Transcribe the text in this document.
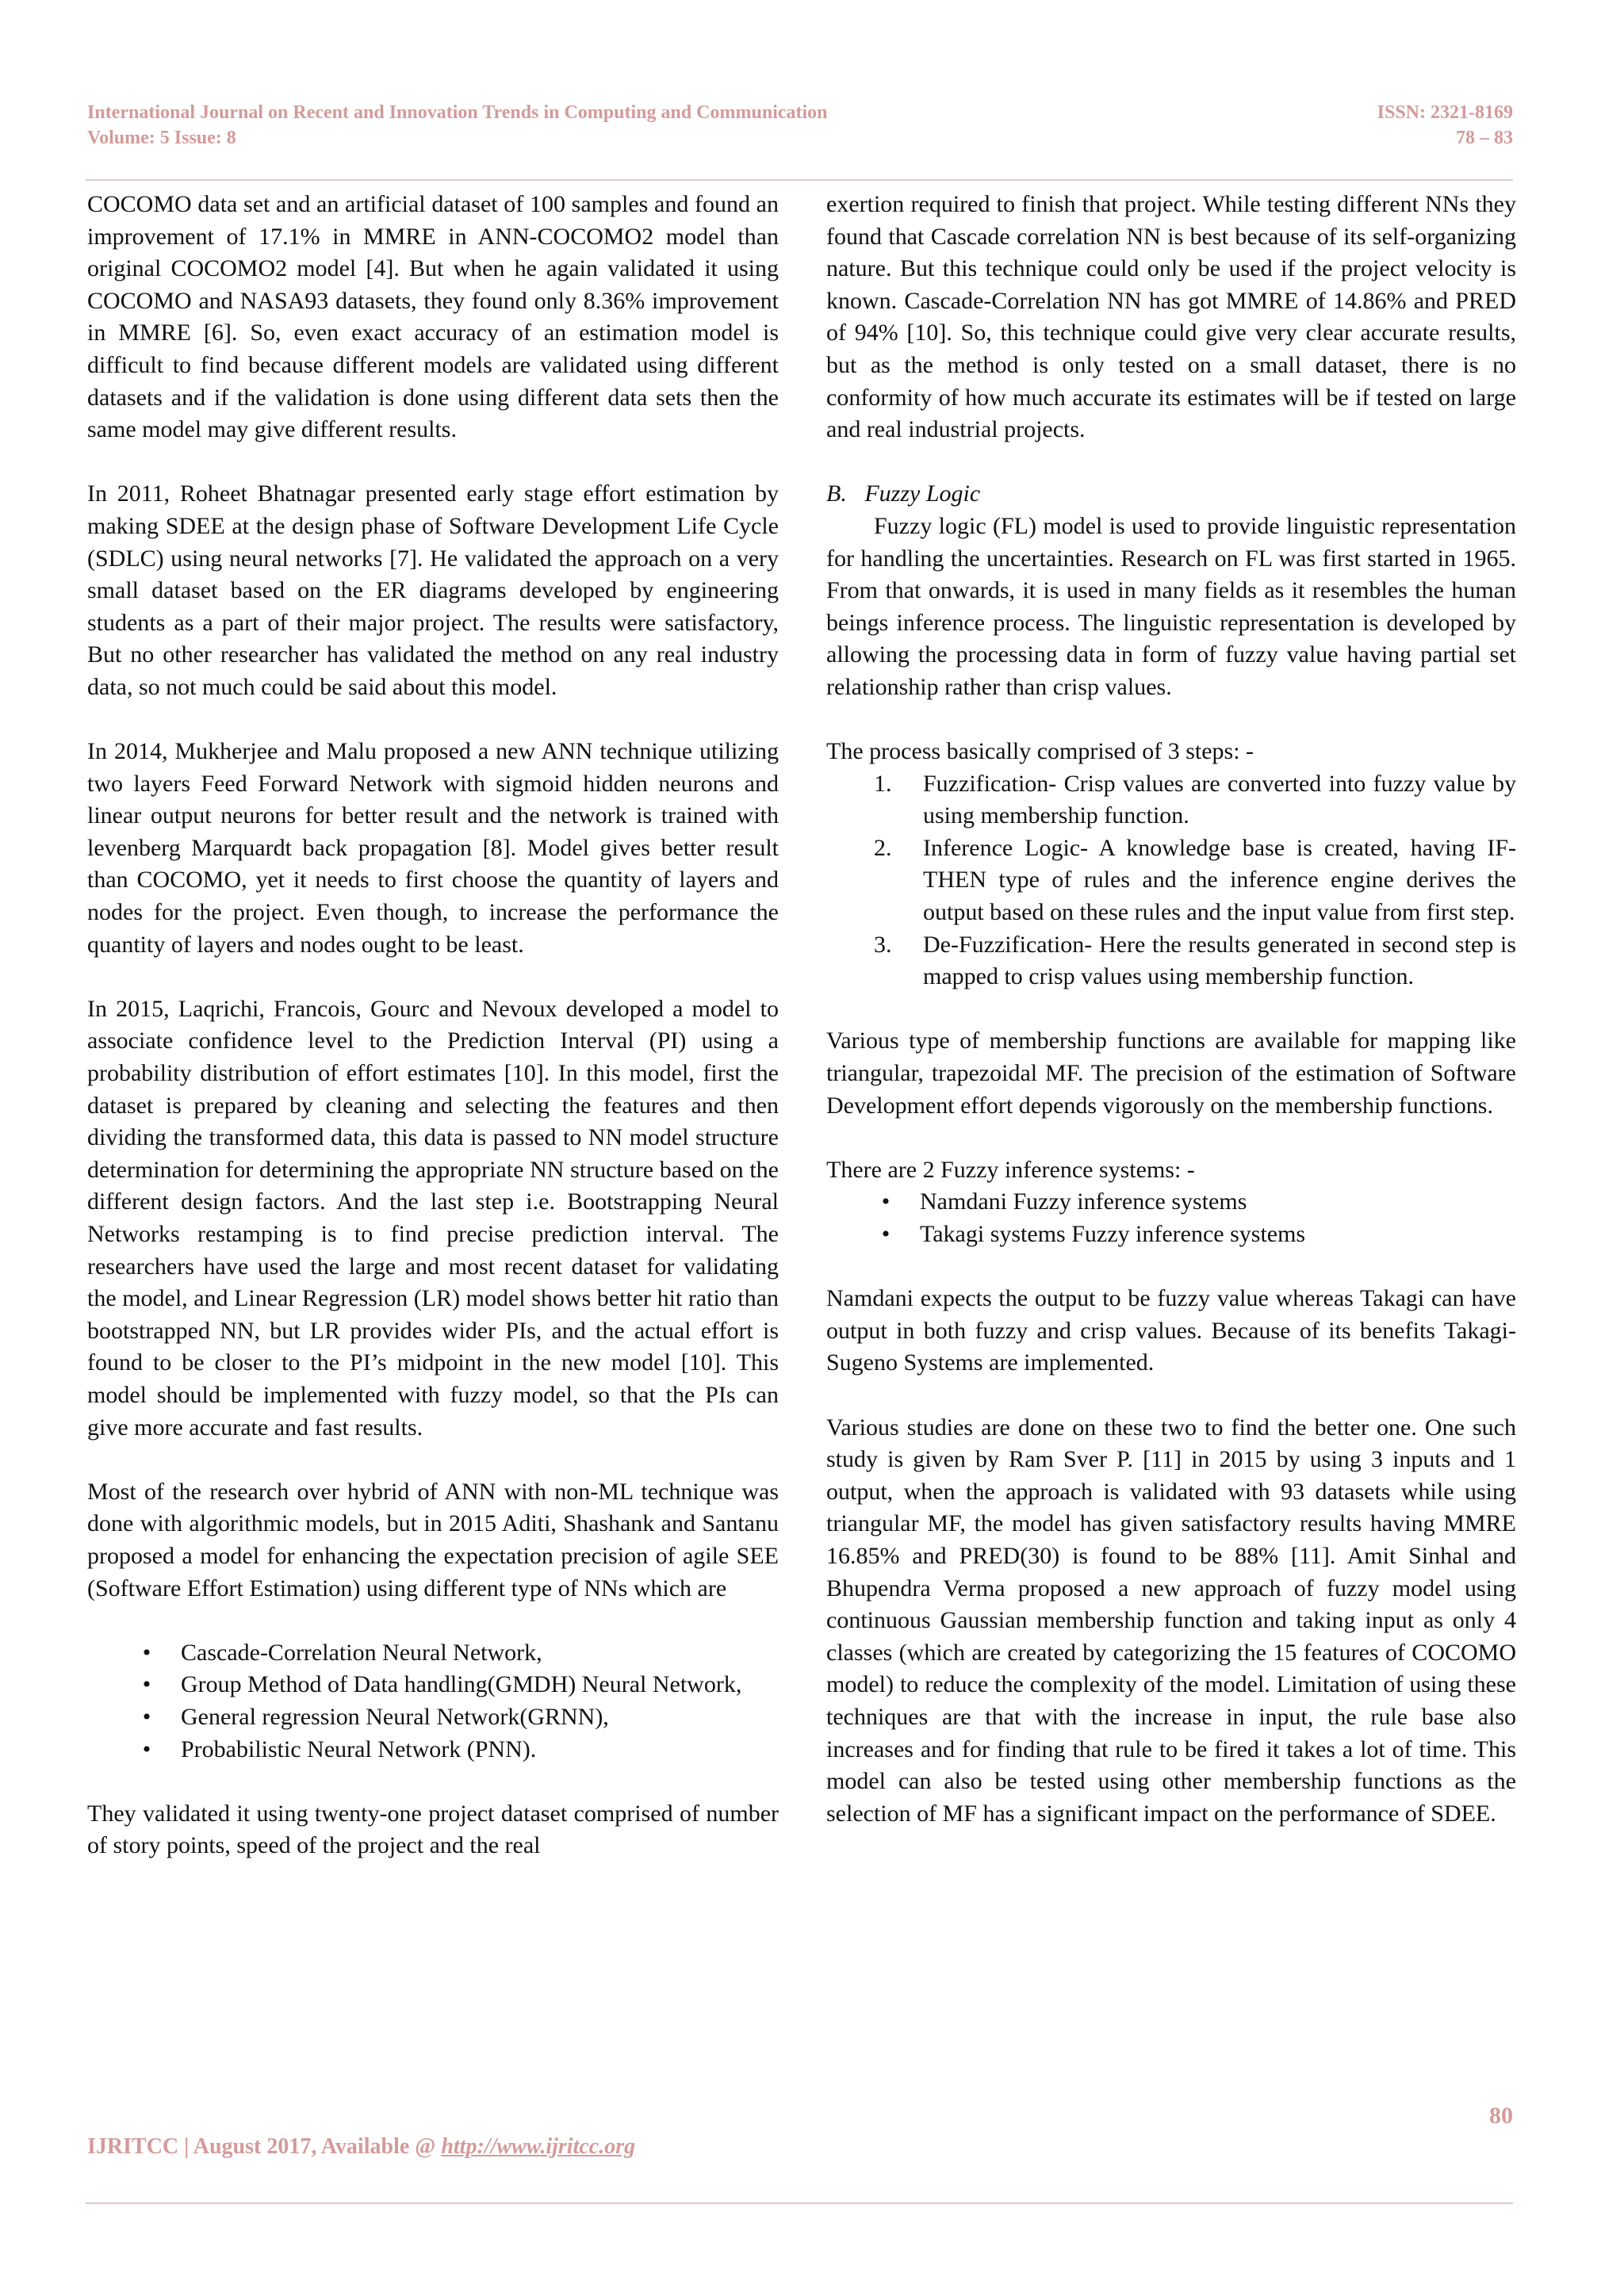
International Journal on Recent and Innovation Trends in Computing and Communication
Volume: 5 Issue: 8
ISSN: 2321-8169
78 – 83

COCOMO data set and an artificial dataset of 100 samples and found an improvement of 17.1% in MMRE in ANN-COCOMO2 model than original COCOMO2 model [4]. But when he again validated it using COCOMO and NASA93 datasets, they found only 8.36% improvement in MMRE [6]. So, even exact accuracy of an estimation model is difficult to find because different models are validated using different datasets and if the validation is done using different data sets then the same model may give different results.

In 2011, Roheet Bhatnagar presented early stage effort estimation by making SDEE at the design phase of Software Development Life Cycle (SDLC) using neural networks [7]. He validated the approach on a very small dataset based on the ER diagrams developed by engineering students as a part of their major project. The results were satisfactory, But no other researcher has validated the method on any real industry data, so not much could be said about this model.

In 2014, Mukherjee and Malu proposed a new ANN technique utilizing two layers Feed Forward Network with sigmoid hidden neurons and linear output neurons for better result and the network is trained with levenberg Marquardt back propagation [8]. Model gives better result than COCOMO, yet it needs to first choose the quantity of layers and nodes for the project. Even though, to increase the performance the quantity of layers and nodes ought to be least.

In 2015, Laqrichi, Francois, Gourc and Nevoux developed a model to associate confidence level to the Prediction Interval (PI) using a probability distribution of effort estimates [10]. In this model, first the dataset is prepared by cleaning and selecting the features and then dividing the transformed data, this data is passed to NN model structure determination for determining the appropriate NN structure based on the different design factors. And the last step i.e. Bootstrapping Neural Networks restamping is to find precise prediction interval. The researchers have used the large and most recent dataset for validating the model, and Linear Regression (LR) model shows better hit ratio than bootstrapped NN, but LR provides wider PIs, and the actual effort is found to be closer to the PI’s midpoint in the new model [10]. This model should be implemented with fuzzy model, so that the PIs can give more accurate and fast results.

Most of the research over hybrid of ANN with non-ML technique was done with algorithmic models, but in 2015 Aditi, Shashank and Santanu proposed a model for enhancing the expectation precision of agile SEE (Software Effort Estimation) using different type of NNs which are

•	Cascade-Correlation Neural Network,
•	Group Method of Data handling(GMDH) Neural Network,
•	General regression Neural Network(GRNN),
•	Probabilistic Neural Network (PNN).

They validated it using twenty-one project dataset comprised of number of story points, speed of the project and the real

exertion required to finish that project. While testing different NNs they found that Cascade correlation NN is best because of its self-organizing nature. But this technique could only be used if the project velocity is known. Cascade-Correlation NN has got MMRE of 14.86% and PRED of 94% [10]. So, this technique could give very clear accurate results, but as the method is only tested on a small dataset, there is no conformity of how much accurate its estimates will be if tested on large and real industrial projects.

B.   Fuzzy Logic

Fuzzy logic (FL) model is used to provide linguistic representation for handling the uncertainties. Research on FL was first started in 1965. From that onwards, it is used in many fields as it resembles the human beings inference process. The linguistic representation is developed by allowing the processing data in form of fuzzy value having partial set relationship rather than crisp values.

The process basically comprised of 3 steps: -

1. Fuzzification- Crisp values are converted into fuzzy value by using membership function.
2. Inference Logic- A knowledge base is created, having IF-THEN type of rules and the inference engine derives the output based on these rules and the input value from first step.
3. De-Fuzzification- Here the results generated in second step is mapped to crisp values using membership function.

Various type of membership functions are available for mapping like triangular, trapezoidal MF. The precision of the estimation of Software Development effort depends vigorously on the membership functions.

There are 2 Fuzzy inference systems: -

•	Namdani Fuzzy inference systems
•	Takagi systems Fuzzy inference systems

Namdani expects the output to be fuzzy value whereas Takagi can have output in both fuzzy and crisp values. Because of its benefits Takagi-Sugeno Systems are implemented.

Various studies are done on these two to find the better one. One such study is given by Ram Sver P. [11] in 2015 by using 3 inputs and 1 output, when the approach is validated with 93 datasets while using triangular MF, the model has given satisfactory results having MMRE 16.85% and PRED(30) is found to be 88% [11]. Amit Sinhal and Bhupendra Verma proposed a new approach of fuzzy model using continuous Gaussian membership function and taking input as only 4 classes (which are created by categorizing the 15 features of COCOMO model) to reduce the complexity of the model. Limitation of using these techniques are that with the increase in input, the rule base also increases and for finding that rule to be fired it takes a lot of time. This model can also be tested using other membership functions as the selection of MF has a significant impact on the performance of SDEE.

80
IJRITCC | August 2017, Available @ http://www.ijritcc.org
